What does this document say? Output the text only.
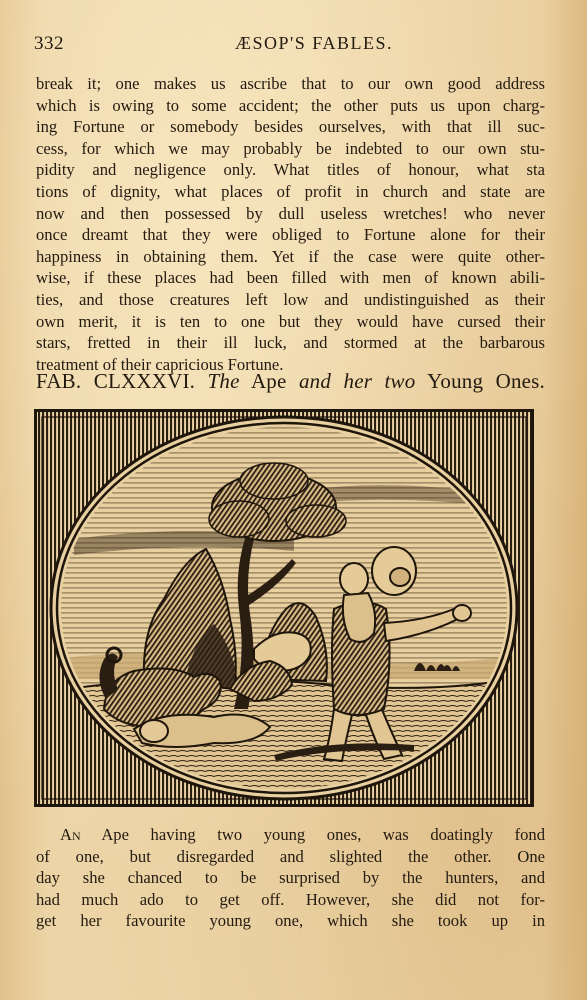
332	ÆSOP'S FABLES.
break it; one makes us ascribe that to our own good address
which is owing to some accident; the other puts us upon charg-
ing Fortune or somebody besides ourselves, with that ill suc-
cess, for which we may probably be indebted to our own stu-
pidity and negligence only. What titles of honour, what sta
tions of dignity, what places of profit in church and state are
now and then possessed by dull useless wretches! who never
once dreamt that they were obliged to Fortune alone for their
happiness in obtaining them. Yet if the case were quite other-
wise, if these places had been filled with men of known abili-
ties, and those creatures left low and undistinguished as their
own merit, it is ten to one but they would have cursed their
stars, fretted in their ill luck, and stormed at the barbarous
treatment of their capricious Fortune.
FAB. CLXXXVI. The Ape and her two Young Ones.
An Ape having two young ones, was doatingly fond
of one, but disregarded and slighted the other. One
day she chanced to be surprised by the hunters, and
had much ado to get off. However, she did not for-
get her favourite young one, which she took up in
